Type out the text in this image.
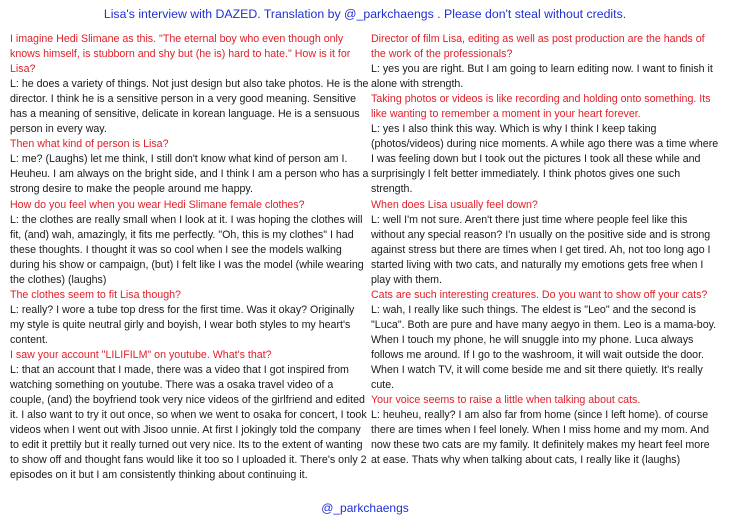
Lisa's interview with DAZED. Translation by @_parkchaengs . Please don't steal without credits.
I imagine Hedi Slimane as this. "The eternal boy who even though only knows himself, is stubborn and shy but (he is) hard to hate." How is it for Lisa?
L: he does a variety of things. Not just design but also take photos. He is the director. I think he is a sensitive person in a very good meaning. Sensitive has a meaning of sensitive, delicate in korean language. He is a sensuous person in every way.
Then what kind of person is Lisa?
L: me? (Laughs) let me think, I still don't know what kind of person am I. Heuheu. I am always on the bright side, and I think I am a person who has a strong desire to make the people around me happy.
How do you feel when you wear Hedi Slimane female clothes?
L: the clothes are really small when I look at it. I was hoping the clothes will fit, (and) wah, amazingly, it fits me perfectly. "Oh, this is my clothes" I had these thoughts. I thought it was so cool when I see the models walking during his show or campaign, (but) I felt like I was the model (while wearing the clothes) (laughs)
The clothes seem to fit Lisa though?
L: really? I wore a tube top dress for the first time. Was it okay? Originally my style is quite neutral girly and boyish, I wear both styles to my heart's content.
I saw your account "LILIFILM" on youtube. What's that?
L: that an account that I made, there was a video that I got inspired from watching something on youtube. There was a osaka travel video of a couple, (and) the boyfriend took very nice videos of the girlfriend and edited it. I also want to try it out once, so when we went to osaka for concert, I took videos when I went out with Jisoo unnie. At first I jokingly told the company to edit it prettily but it really turned out very nice. Its to the extent of wanting to show off and thought fans would like it too so I uploaded it. There's only 2 episodes on it but I am consistently thinking about continuing it.
Director of film Lisa, editing as well as post production are the hands of the work of the professionals?
L: yes you are right. But I am going to learn editing now. I want to finish it alone with strength.
Taking photos or videos is like recording and holding onto something. Its like wanting to remember a moment in your heart forever.
L: yes I also think this way. Which is why I think I keep taking (photos/videos) during nice moments. A while ago there was a time where I was feeling down but I took out the pictures I took all these while and surprisingly I felt better immediately. I think photos gives one such strength.
When does Lisa usually feel down?
L: well I'm not sure. Aren't there just time where people feel like this without any special reason? I'n usually on the positive side and is strong against stress but there are times when I get tired. Ah, not too long ago I started living with two cats, and naturally my emotions gets free when I play with them.
Cats are such interesting creatures. Do you want to show off your cats?
L: wah, I really like such things. The eldest is "Leo" and the second is "Luca". Both are pure and have many aegyo in them. Leo is a mama-boy. When I touch my phone, he will snuggle into my phone. Luca always follows me around. If I go to the washroom, it will wait outside the door. When I watch TV, it will come beside me and sit there quietly. It's really cute.
Your voice seems to raise a little when talking about cats.
L: heuheu, really? I am also far from home (since I left home). of course there are times when I feel lonely. When I miss home and my mom. And now these two cats are my family. It definitely makes my heart feel more at ease. Thats why when talking about cats, I really like it (laughs)
@_parkchaengs
